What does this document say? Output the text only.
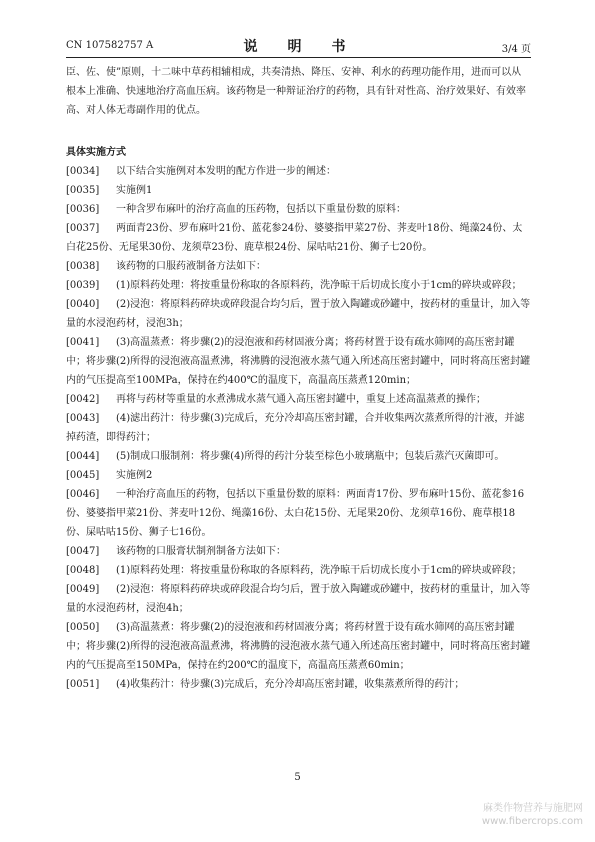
CN 107582757 A	说　明　书	3/4 页

臣、佐、使”原则，十二味中草药相辅相成，共奏清热、降压、安神、利水的药理功能作用，进而可以从根本上准确、快速地治疗高血压病。该药物是一种辩证治疗的药物，具有针对性高、治疗效果好、有效率高、对人体无毒副作用的优点。

具体实施方式

[0034] 以下结合实施例对本发明的配方作进一步的阐述：

[0035] 实施例1

[0036] 一种含罗布麻叶的治疗高血的压药物，包括以下重量份数的原料：

[0037] 两面青23份、罗布麻叶21份、蓝花参24份、婆婆指甲菜27份、荠麦叶18份、绳藻24份、太白花25份、无尾果30份、龙须草23份、鹿草根24份、屎咕咕21份、狮子七20份。

[0038] 该药物的口服药液制备方法如下：

[0039] (1)原料药处理：将按重量份称取的各原料药，洗净晾干后切成长度小于1cm的碎块或碎段；

[0040] (2)浸泡：将原料药碎块或碎段混合均匀后，置于放入陶罐或砂罐中，按药材的重量计，加入等量的水浸泡药材，浸泡3h；

[0041] (3)高温蒸煮：将步骤(2)的浸泡液和药材固液分离；将药材置于设有疏水筛网的高压密封罐中；将步骤(2)所得的浸泡液高温煮沸，将沸腾的浸泡液水蒸气通入所述高压密封罐中，同时将高压密封罐内的气压提高至100MPa，保持在约400℃的温度下，高温高压蒸煮120min；

[0042] 再将与药材等重量的水煮沸成水蒸气通入高压密封罐中，重复上述高温蒸煮的操作；

[0043] (4)滤出药汁：待步骤(3)完成后，充分冷却高压密封罐，合并收集两次蒸煮所得的汁液，并滤掉药渣，即得药汁；

[0044] (5)制成口服制剂：将步骤(4)所得的药汁分装至棕色小玻璃瓶中；包装后蒸汽灭菌即可。

[0045] 实施例2

[0046] 一种治疗高血压的药物，包括以下重量份数的原料：两面青17份、罗布麻叶15份、蓝花参16份、婆婆指甲菜21份、荠麦叶12份、绳藻16份、太白花15份、无尾果20份、龙须草16份、鹿草根18份、屎咕咕15份、狮子七16份。

[0047] 该药物的口服膏状制剂制备方法如下：

[0048] (1)原料药处理：将按重量份称取的各原料药，洗净晾干后切成长度小于1cm的碎块或碎段；

[0049] (2)浸泡：将原料药碎块或碎段混合均匀后，置于放入陶罐或砂罐中，按药材的重量计，加入等量的水浸泡药材，浸泡4h；

[0050] (3)高温蒸煮：将步骤(2)的浸泡液和药材固液分离；将药材置于设有疏水筛网的高压密封罐中；将步骤(2)所得的浸泡液高温煮沸，将沸腾的浸泡液水蒸气通入所述高压密封罐中，同时将高压密封罐内的气压提高至150MPa，保持在约200℃的温度下，高温高压蒸煮60min；

[0051] (4)收集药汁：待步骤(3)完成后，充分冷却高压密封罐，收集蒸煮所得的药汁；

5
麻类作物营养与施肥网
www.fibercrops.com
